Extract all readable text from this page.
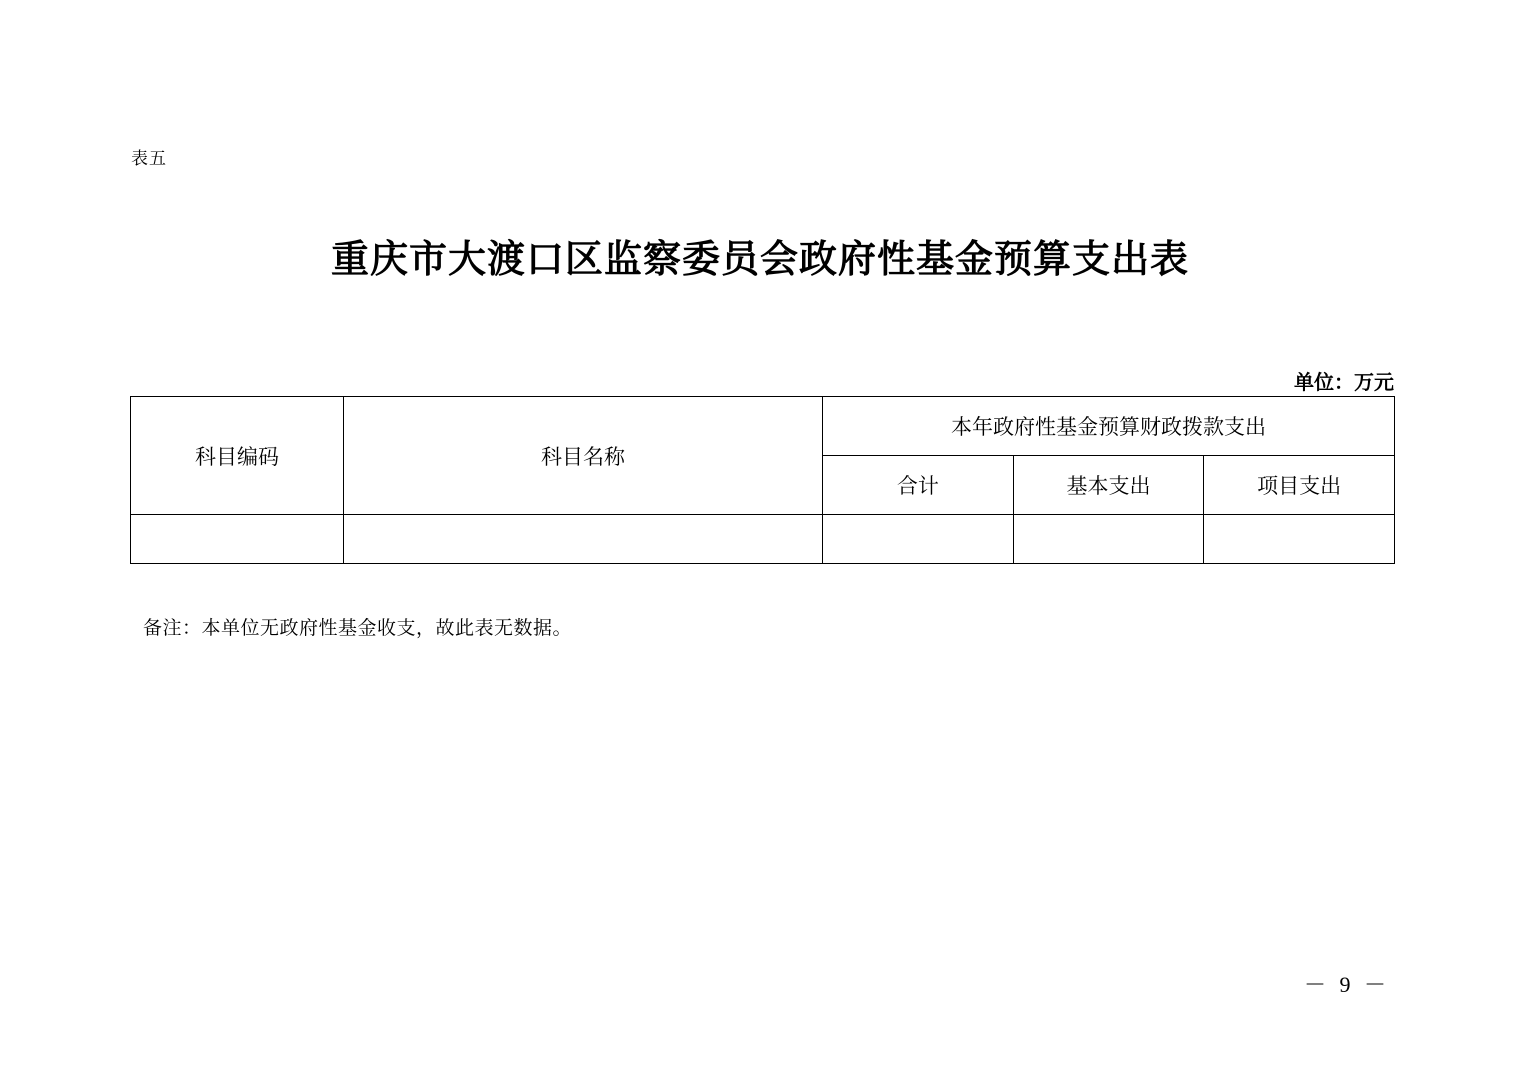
表五
重庆市大渡口区监察委员会政府性基金预算支出表
单位：万元
科目编码	科目名称	本年政府性基金预算财政拨款支出		
		合计	基本支出	项目支出

备注：本单位无政府性基金收支，故此表无数据。
－ 9 －
